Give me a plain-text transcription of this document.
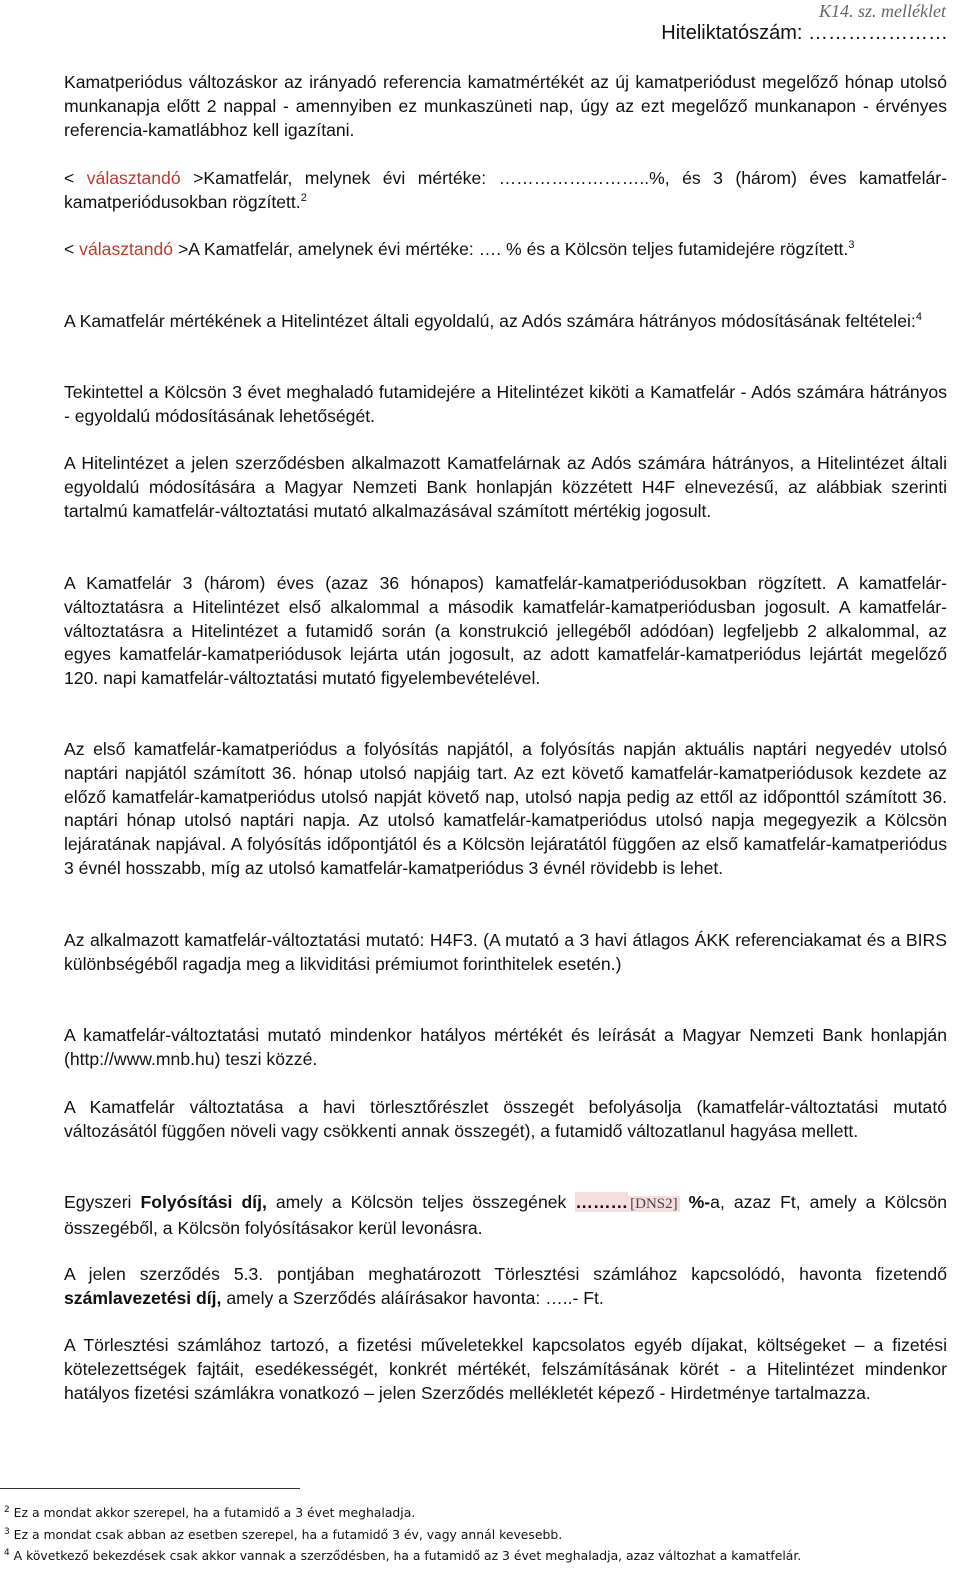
K14. sz. melléklet
Hiteliktatószám: …………………

Kamatperiódus változáskor az irányadó referencia kamatmértékét az új kamatperiódust megelőző hónap utolsó munkanapja előtt 2 nappal - amennyiben ez munkaszüneti nap, úgy az ezt megelőző munkanapon - érvényes referencia-kamatlábhoz kell igazítani.

< választandó >Kamatfelár, melynek évi mértéke: ……………………..%, és 3 (három) éves kamatfelár- kamatperiódusokban rögzített.$^2$

< választandó >A Kamatfelár, amelynek évi mértéke: …. % és a Kölcsön teljes futamidejére rögzített.$^3$

A Kamatfelár mértékének a Hitelintézet általi egyoldalú, az Adós számára hátrányos módosításának feltételei:$^4$

Tekintettel a Kölcsön 3 évet meghaladó futamidejére a Hitelintézet kiköti a Kamatfelár - Adós számára hátrányos - egyoldalú módosításának lehetőségét.

A Hitelintézet a jelen szerződésben alkalmazott Kamatfelárnak az Adós számára hátrányos, a Hitelintézet általi egyoldalú módosítására a Magyar Nemzeti Bank honlapján közzétett H4F elnevezésű, az alábbiak szerinti tartalmú kamatfelár-változtatási mutató alkalmazásával számított mértékig jogosult.

A Kamatfelár 3 (három) éves (azaz 36 hónapos) kamatfelár-kamatperiódusokban rögzített. A kamatfelár-változtatásra a Hitelintézet első alkalommal a második kamatfelár-kamatperiódusban jogosult. A kamatfelár-változtatásra a Hitelintézet a futamidő során (a konstrukció jellegéből adódóan) legfeljebb 2 alkalommal, az egyes kamatfelár-kamatperiódusok lejárta után jogosult, az adott kamatfelár-kamatperiódus lejártát megelőző 120. napi kamatfelár-változtatási mutató figyelembevételével.

Az első kamatfelár-kamatperiódus a folyósítás napjától, a folyósítás napján aktuális naptári negyedév utolsó naptári napjától számított 36. hónap utolsó napjáig tart. Az ezt követő kamatfelár-kamatperiódusok kezdete az előző kamatfelár-kamatperiódus utolsó napját követő nap, utolsó napja pedig az ettől az időponttól számított 36. naptári hónap utolsó naptári napja. Az utolsó kamatfelár-kamatperiódus utolsó napja megegyezik a Kölcsön lejáratának napjával. A folyósítás időpontjától és a Kölcsön lejáratától függően az első kamatfelár-kamatperiódus 3 évnél hosszabb, míg az utolsó kamatfelár-kamatperiódus 3 évnél rövidebb is lehet.

Az alkalmazott kamatfelár-változtatási mutató: H4F3. (A mutató a 3 havi átlagos ÁKK referenciakamat és a BIRS különbségéből ragadja meg a likviditási prémiumot forinthitelek esetén.)

A kamatfelár-változtatási mutató mindenkor hatályos mértékét és leírását a Magyar Nemzeti Bank honlapján (http://www.mnb.hu) teszi közzé.

A Kamatfelár változtatása a havi törlesztőrészlet összegét befolyásolja (kamatfelár-változtatási mutató változásától függően növeli vagy csökkenti annak összegét), a futamidő változatlanul hagyása mellett.

Egyszeri Folyósítási díj, amely a Kölcsön teljes összegének ……… [DNS2] %-a, azaz Ft, amely a Kölcsön összegéből, a Kölcsön folyósításakor kerül levonásra.

A jelen szerződés 5.3. pontjában meghatározott Törlesztési számlához kapcsolódó, havonta fizetendő számlavezetési díj, amely a Szerződés aláírásakor havonta: …..- Ft.

A Törlesztési számlához tartozó, a fizetési műveletekkel kapcsolatos egyéb díjakat, költségeket – a fizetési kötelezettségek fajtáit, esedékességét, konkrét mértékét, felszámításának körét - a Hitelintézet mindenkor hatályos fizetési számlákra vonatkozó – jelen Szerződés mellékletét képező - Hirdetménye tartalmazza.

$^2$ Ez a mondat akkor szerepel, ha a futamidő a 3 évet meghaladja.
$^3$ Ez a mondat csak abban az esetben szerepel, ha a futamidő 3 év, vagy annál kevesebb.
$^4$ A következő bekezdések csak akkor vannak a szerződésben, ha a futamidő az 3 évet meghaladja, azaz változhat a kamatfelár.
